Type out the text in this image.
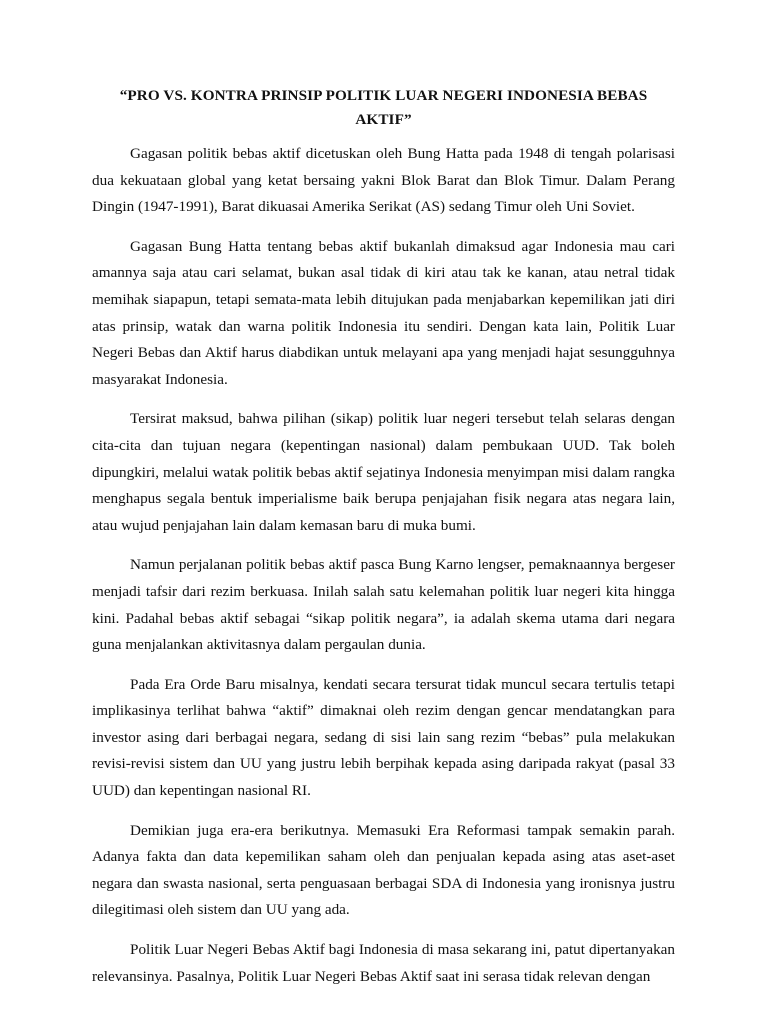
“PRO VS. KONTRA PRINSIP POLITIK LUAR NEGERI INDONESIA BEBAS AKTIF”

Gagasan politik bebas aktif dicetuskan oleh Bung Hatta pada 1948 di tengah polarisasi dua kekuataan global yang ketat bersaing yakni Blok Barat dan Blok Timur. Dalam Perang Dingin (1947-1991), Barat dikuasai Amerika Serikat (AS) sedang Timur oleh Uni Soviet.

Gagasan Bung Hatta tentang bebas aktif bukanlah dimaksud agar Indonesia mau cari amannya saja atau cari selamat, bukan asal tidak di kiri atau tak ke kanan, atau netral tidak memihak siapapun, tetapi semata-mata lebih ditujukan pada menjabarkan kepemilikan jati diri atas prinsip, watak dan warna politik Indonesia itu sendiri. Dengan kata lain, Politik Luar Negeri Bebas dan Aktif harus diabdikan untuk melayani apa yang menjadi hajat sesungguhnya masyarakat Indonesia.

Tersirat maksud, bahwa pilihan (sikap) politik luar negeri tersebut telah selaras dengan cita-cita dan tujuan negara (kepentingan nasional) dalam pembukaan UUD. Tak boleh dipungkiri, melalui watak politik bebas aktif sejatinya Indonesia menyimpan misi dalam rangka menghapus segala bentuk imperialisme baik berupa penjajahan fisik negara atas negara lain, atau wujud penjajahan lain dalam kemasan baru di muka bumi.

Namun perjalanan politik bebas aktif pasca Bung Karno lengser, pemaknaannya bergeser menjadi tafsir dari rezim berkuasa. Inilah salah satu kelemahan politik luar negeri kita hingga kini. Padahal bebas aktif sebagai “sikap politik negara”, ia adalah skema utama dari negara guna menjalankan aktivitasnya dalam pergaulan dunia.

Pada Era Orde Baru misalnya, kendati secara tersurat tidak muncul secara tertulis tetapi implikasinya terlihat bahwa “aktif” dimaknai oleh rezim dengan gencar mendatangkan para investor asing dari berbagai negara, sedang di sisi lain sang rezim “bebas” pula melakukan revisi-revisi sistem dan UU yang justru lebih berpihak kepada asing daripada rakyat (pasal 33 UUD) dan kepentingan nasional RI.

Demikian juga era-era berikutnya. Memasuki Era Reformasi tampak semakin parah. Adanya fakta dan data kepemilikan saham oleh dan penjualan kepada asing atas aset-aset negara dan swasta nasional, serta penguasaan berbagai SDA di Indonesia yang ironisnya justru dilegitimasi oleh sistem dan UU yang ada.

Politik Luar Negeri Bebas Aktif bagi Indonesia di masa sekarang ini, patut dipertanyakan relevansinya. Pasalnya, Politik Luar Negeri Bebas Aktif saat ini serasa tidak relevan dengan
